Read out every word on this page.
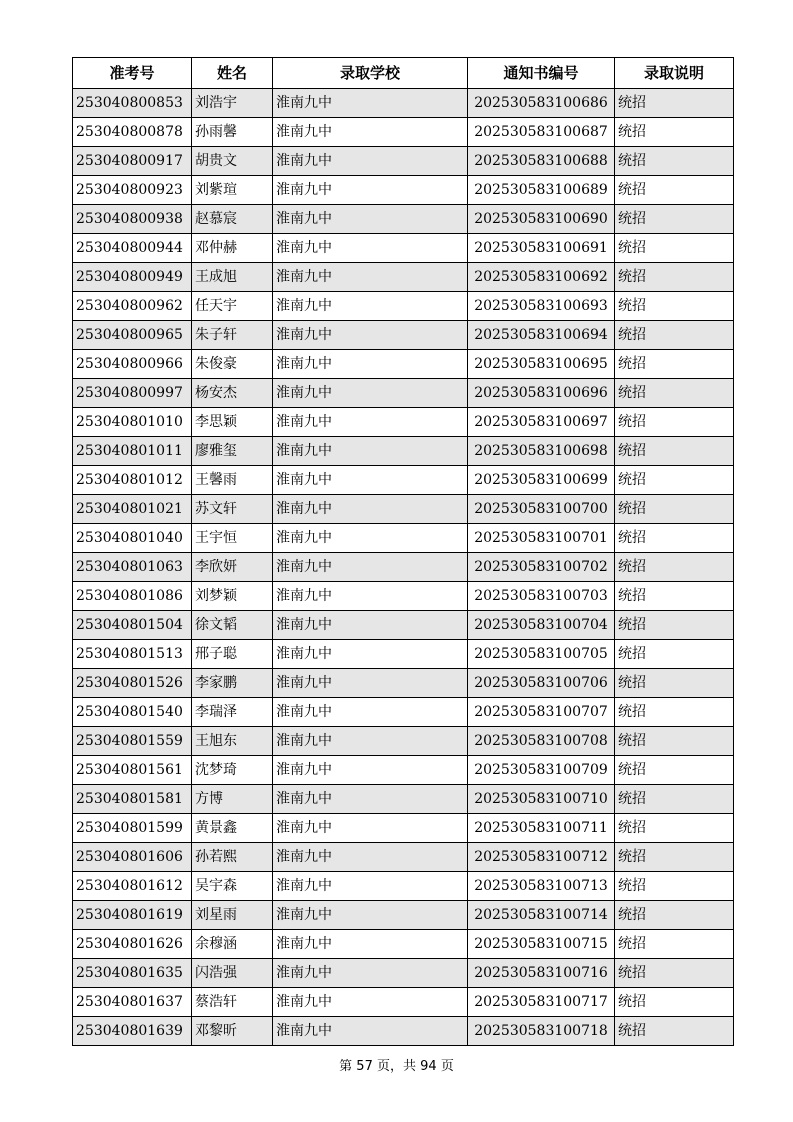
准考号	姓名	录取学校	通知书编号	录取说明
253040800853	刘浩宇	淮南九中	202530583100686	统招
253040800878	孙雨馨	淮南九中	202530583100687	统招
253040800917	胡贵文	淮南九中	202530583100688	统招
253040800923	刘紫瑄	淮南九中	202530583100689	统招
253040800938	赵慕宸	淮南九中	202530583100690	统招
253040800944	邓仲赫	淮南九中	202530583100691	统招
253040800949	王成旭	淮南九中	202530583100692	统招
253040800962	任天宇	淮南九中	202530583100693	统招
253040800965	朱子轩	淮南九中	202530583100694	统招
253040800966	朱俊豪	淮南九中	202530583100695	统招
253040800997	杨安杰	淮南九中	202530583100696	统招
253040801010	李思颖	淮南九中	202530583100697	统招
253040801011	廖雅玺	淮南九中	202530583100698	统招
253040801012	王馨雨	淮南九中	202530583100699	统招
253040801021	苏文轩	淮南九中	202530583100700	统招
253040801040	王宇恒	淮南九中	202530583100701	统招
253040801063	李欣妍	淮南九中	202530583100702	统招
253040801086	刘梦颖	淮南九中	202530583100703	统招
253040801504	徐文韬	淮南九中	202530583100704	统招
253040801513	郉子聪	淮南九中	202530583100705	统招
253040801526	李家鹏	淮南九中	202530583100706	统招
253040801540	李瑞泽	淮南九中	202530583100707	统招
253040801559	王旭东	淮南九中	202530583100708	统招
253040801561	沈梦琦	淮南九中	202530583100709	统招
253040801581	方博	淮南九中	202530583100710	统招
253040801599	黄景鑫	淮南九中	202530583100711	统招
253040801606	孙若熙	淮南九中	202530583100712	统招
253040801612	吴宇森	淮南九中	202530583100713	统招
253040801619	刘星雨	淮南九中	202530583100714	统招
253040801626	余穆涵	淮南九中	202530583100715	统招
253040801635	闪浩强	淮南九中	202530583100716	统招
253040801637	蔡浩轩	淮南九中	202530583100717	统招
253040801639	邓黎昕	淮南九中	202530583100718	统招
第 57 页，共 94 页
